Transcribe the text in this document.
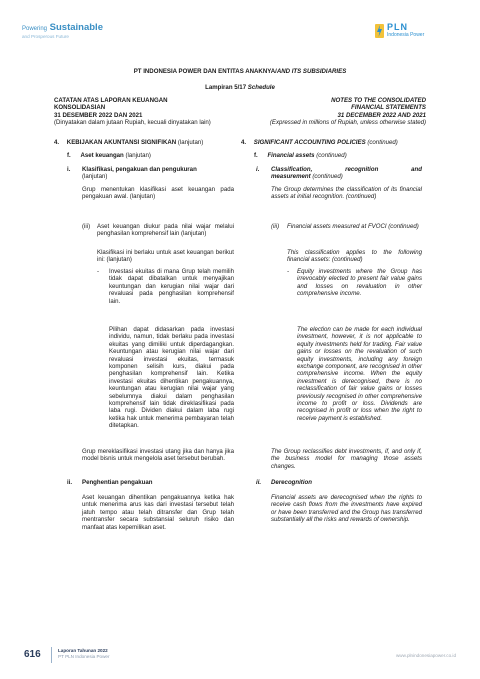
Powering Sustainable
and Prosperous Future
PLN
Indonesia Power
PT INDONESIA POWER DAN ENTITAS ANAKNYA/AND ITS SUBSIDIARIES
Lampiran 5/17 Schedule
CATATAN ATAS LAPORAN KEUANGAN
KONSOLIDASIAN
31 DESEMBER 2022 DAN 2021
(Dinyatakan dalam jutaan Rupiah, kecuali dinyatakan lain)
NOTES TO THE CONSOLIDATED
FINANCIAL STATEMENTS
31 DECEMBER 2022 AND 2021
(Expressed in millions of Rupiah, unless otherwise stated)
4. KEBIJAKAN AKUNTANSI SIGNIFIKAN (lanjutan)	4. SIGNIFICANT ACCOUNTING POLICIES (continued)
f. Aset keuangan (lanjutan)	f. Financial assets (continued)
i. Klasifikasi, pengakuan dan pengukuran
(lanjutan)
i. Classification, recognition and
measurement (continued)

Grup menentukan klasifikasi aset keuangan pada pengakuan awal. (lanjutan)

The Group determines the classification of its financial assets at initial recognition. (continued)

(iii) Aset keuangan diukur pada nilai wajar melalui penghasilan komprehensif lain (lanjutan)

(iii) Financial assets measured at FVOCI (continued)

Klasifikasi ini berlaku untuk aset keuangan berikut ini: (lanjutan)

This classification applies to the following financial assets: (continued)

- Investasi ekuitas di mana Grup telah memilih tidak dapat dibatalkan untuk menyajikan keuntungan dan kerugian nilai wajar dari revaluasi pada penghasilan komprehensif lain.

- Equity investments where the Group has irrevocably elected to present fair value gains and losses on revaluation in other comprehensive income.

Pilihan dapat didasarkan pada investasi individu, namun, tidak berlaku pada investasi ekuitas yang dimiliki untuk diperdagangkan. Keuntungan atau kerugian nilai wajar dari revaluasi investasi ekuitas, termasuk komponen selisih kurs, diakui pada penghasilan komprehensif lain. Ketika investasi ekuitas dihentikan pengakuannya, keuntungan atau kerugian nilai wajar yang sebelumnya diakui dalam penghasilan komprehensif lain tidak direklasifikasi pada laba rugi. Dividen diakui dalam laba rugi ketika hak untuk menerima pembayaran telah ditetapkan.

The election can be made for each individual investment, however, it is not applicable to equity investments held for trading. Fair value gains or losses on the revaluation of such equity investments, including any foreign exchange component, are recognised in other comprehensive income. When the equity investment is derecognised, there is no reclassification of fair value gains or losses previously recognised in other comprehensive income to profit or loss. Dividends are recognised in profit or loss when the right to receive payment is established.

Grup mereklasifikasi investasi utang jika dan hanya jika model bisnis untuk mengelola aset tersebut berubah.

The Group reclassifies debt investments, if, and only if, the business model for managing those assets changes.

ii. Penghentian pengakuan	ii. Derecognition

Aset keuangan dihentikan pengakuannya ketika hak untuk menerima arus kas dari investasi tersebut telah jatuh tempo atau telah ditransfer dan Grup telah mentransfer secara substansial seluruh risiko dan manfaat atas kepemilikan aset.

Financial assets are derecognised when the rights to receive cash flows from the investments have expired or have been transferred and the Group has transferred substantially all the risks and rewards of ownership.

616	Laporan Tahunan 2022
PT PLN Indonesia Power	www.plnindonesiapower.co.id
